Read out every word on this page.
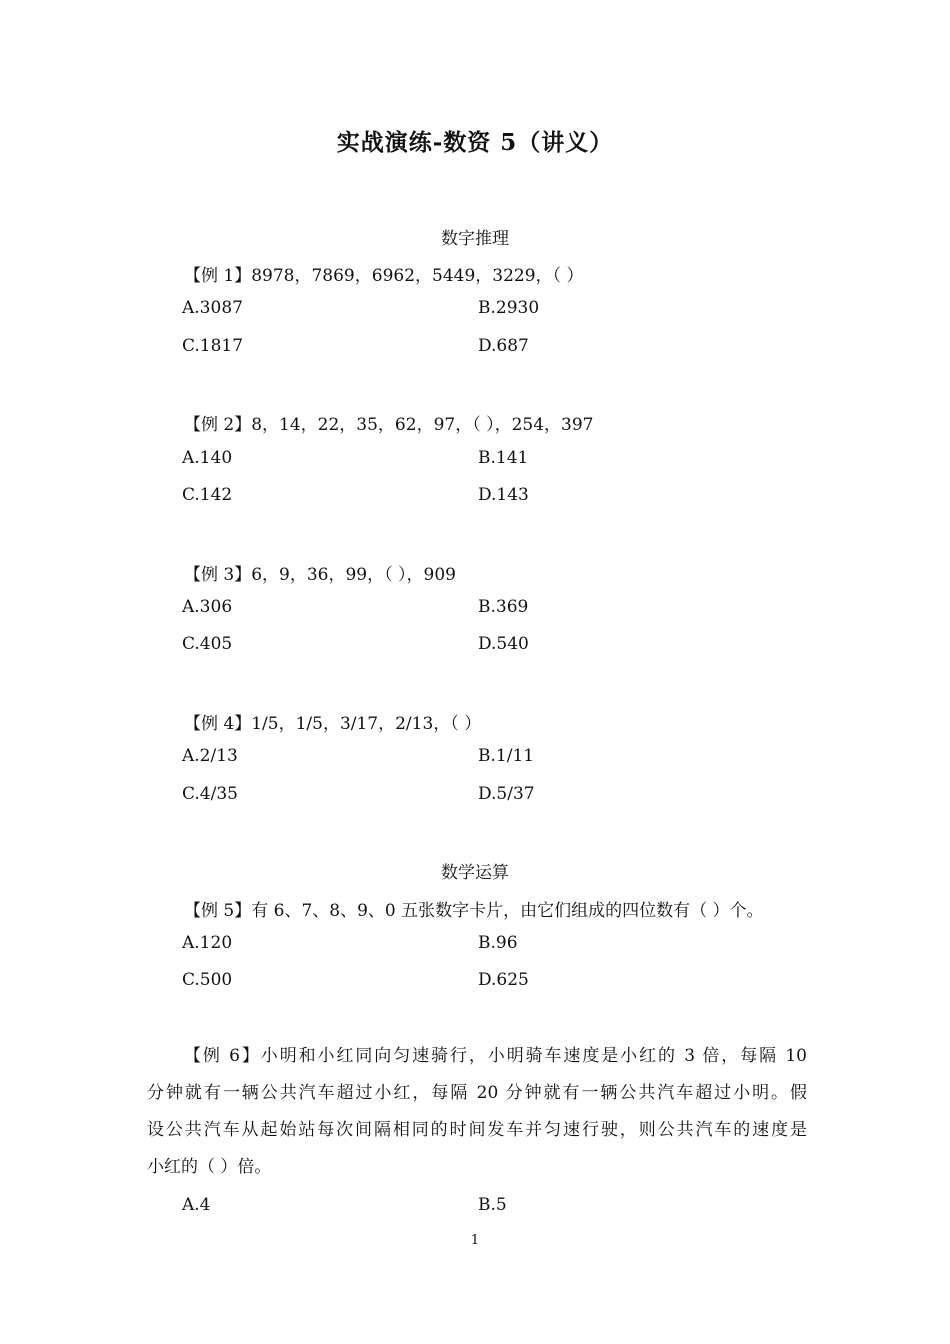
实战演练-数资 5（讲义）
数字推理
【例 1】8978，7869，6962，5449，3229，（ ）
A.3087	B.2930
C.1817	D.687
【例 2】8，14，22，35，62，97，（ ），254，397
A.140	B.141
C.142	D.143
【例 3】6，9，36，99，（ ），909
A.306	B.369
C.405	D.540
【例 4】1/5，1/5，3/17，2/13，（ ）
A.2/13	B.1/11
C.4/35	D.5/37
数学运算
【例 5】有 6、7、8、9、0 五张数字卡片，由它们组成的四位数有（ ）个。
A.120	B.96
C.500	D.625
【例 6】小明和小红同向匀速骑行，小明骑车速度是小红的 3 倍，每隔 10
分钟就有一辆公共汽车超过小红，每隔 20 分钟就有一辆公共汽车超过小明。假
设公共汽车从起始站每次间隔相同的时间发车并匀速行驶，则公共汽车的速度是
小红的（ ）倍。
A.4	B.5
1
